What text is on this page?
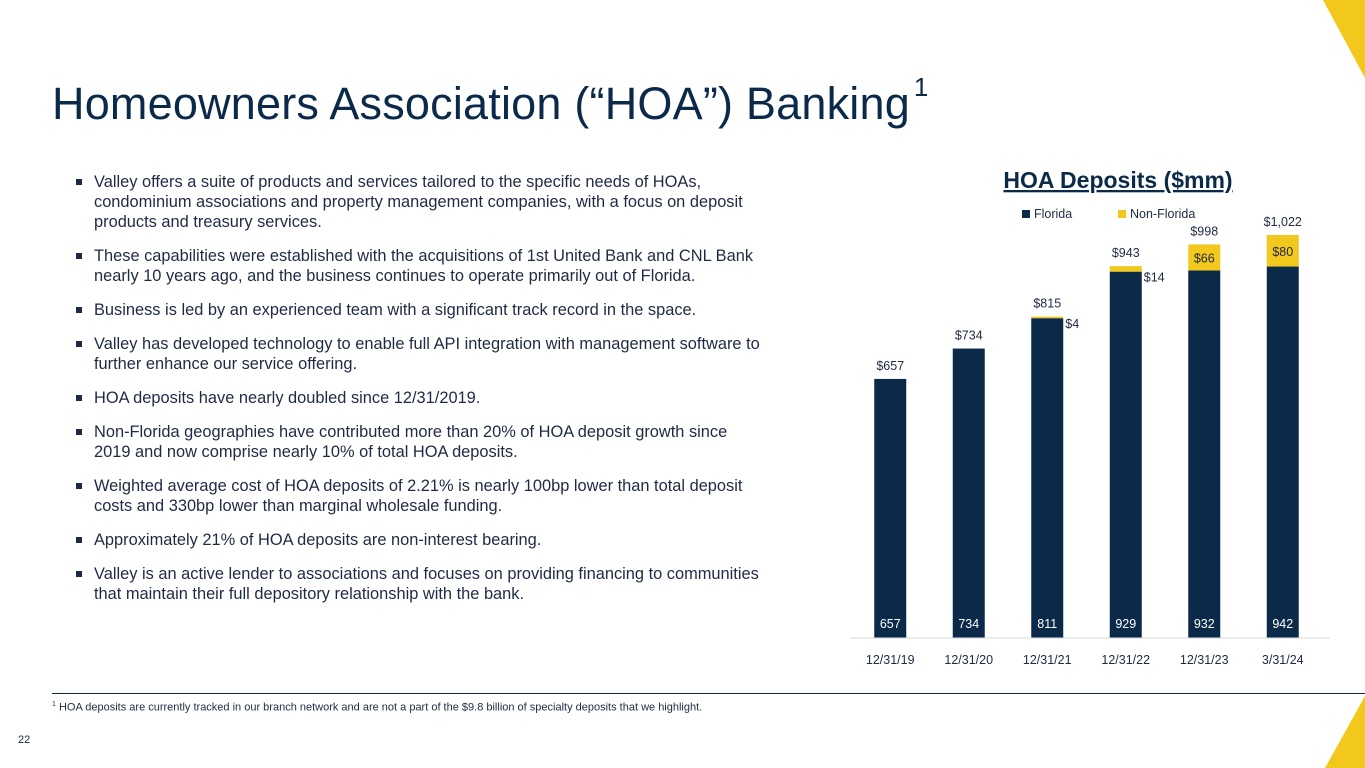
Homeowners Association (“HOA”) Banking $^1$
Valley offers a suite of products and services tailored to the specific needs of HOAs, condominium associations and property management companies, with a focus on deposit products and treasury services.
These capabilities were established with the acquisitions of 1st United Bank and CNL Bank nearly 10 years ago, and the business continues to operate primarily out of Florida.
Business is led by an experienced team with a significant track record in the space.
Valley has developed technology to enable full API integration with management software to further enhance our service offering.
HOA deposits have nearly doubled since 12/31/2019.
Non-Florida geographies have contributed more than 20% of HOA deposit growth since 2019 and now comprise nearly 10% of total HOA deposits.
Weighted average cost of HOA deposits of 2.21% is nearly 100bp lower than total deposit costs and 330bp lower than marginal wholesale funding.
Approximately 21% of HOA deposits are non-interest bearing.
Valley is an active lender to associations and focuses on providing financing to communities that maintain their full depository relationship with the bank.
HOA Deposits ($mm)
Florida	Non-Florida
657
$657
734
$734
811
$4
$815
929
$14
$943
932
$66
$998
942
$80
$1,022
12/31/19 12/31/20 12/31/21 12/31/22 12/31/23	3/31/24
$^1$ HOA deposits are currently tracked in our branch network and are not a part of the $9.8 billion of specialty deposits that we highlight.
22
